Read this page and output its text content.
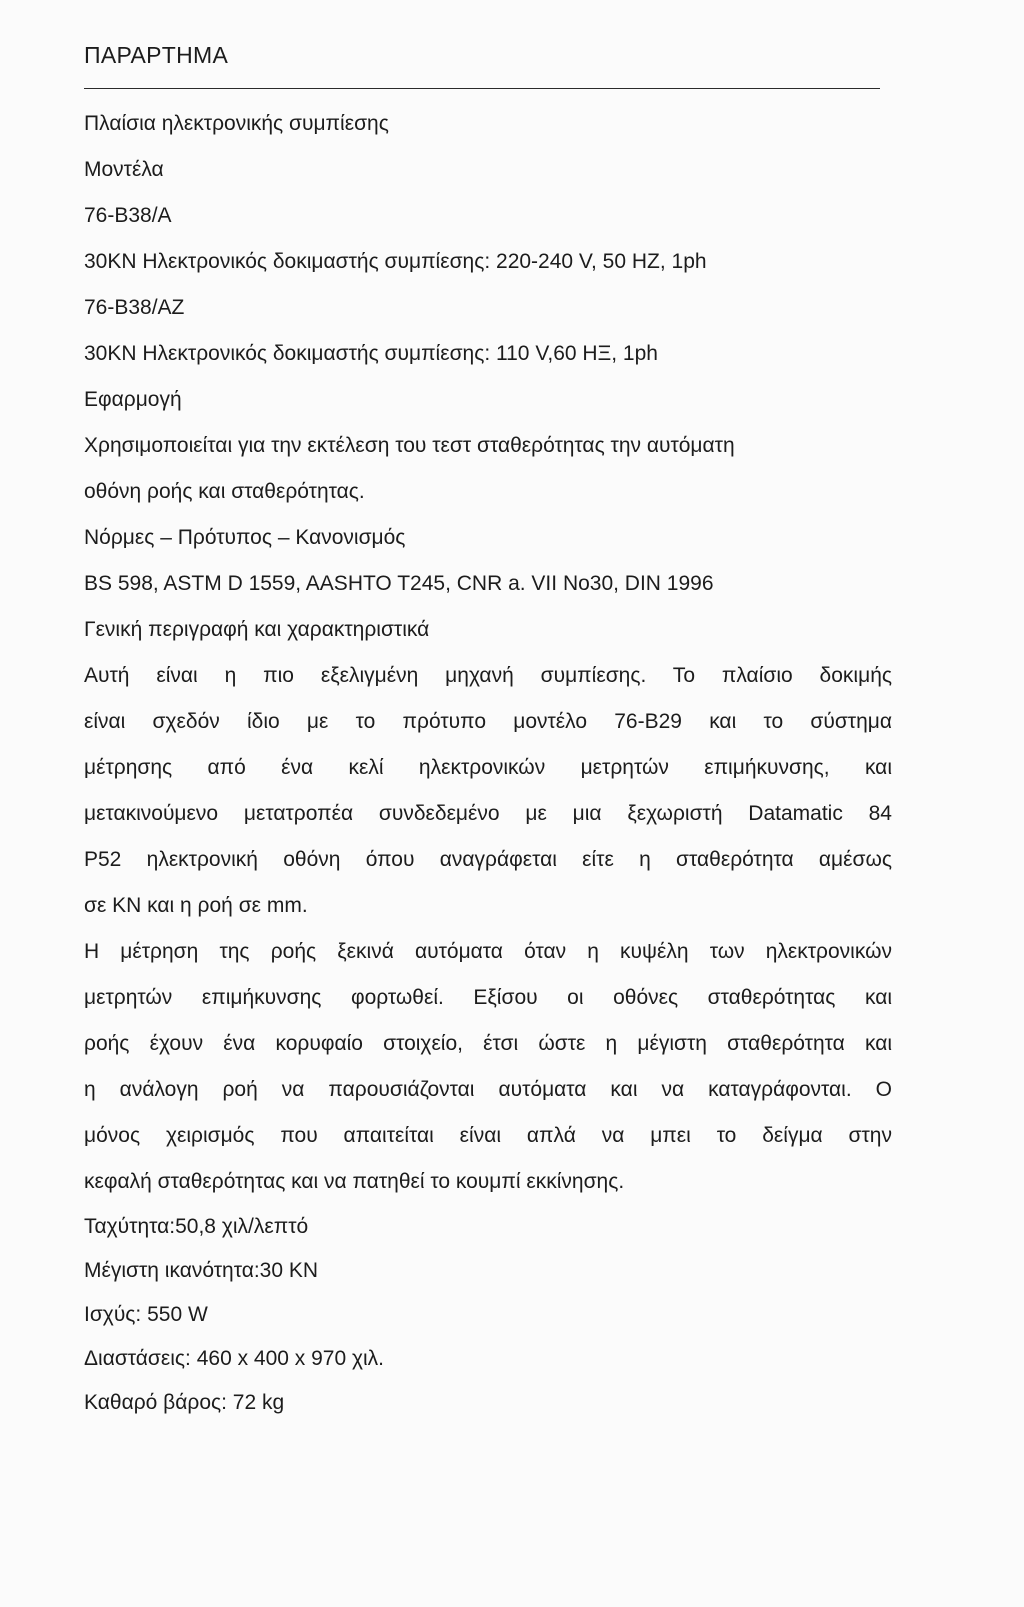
ΠΑΡΑΡΤΗΜΑ

Πλαίσια ηλεκτρονικής συμπίεσης

Μοντέλα

76-B38/A

30KN Ηλεκτρονικός δοκιμαστής συμπίεσης: 220-240 V, 50 HZ, 1ph

76-B38/AZ

30KN Ηλεκτρονικός δοκιμαστής συμπίεσης: 110 V,60 HΞ, 1ph

Εφαρμογή

Χρησιμοποιείται για την εκτέλεση του τεστ σταθερότητας την αυτόματη

οθόνη ροής και σταθερότητας.

Νόρμες – Πρότυπος – Κανονισμός

BS 598, ASTM D 1559, AASHTO T245, CNR a. VII No30, DIN 1996

Γενική περιγραφή και χαρακτηριστικά

Αυτή είναι η πιο εξελιγμένη μηχανή συμπίεσης. Το πλαίσιο δοκιμής
είναι σχεδόν ίδιο με το πρότυπο μοντέλο 76-B29 και το σύστημα
μέτρησης από ένα κελί ηλεκτρονικών μετρητών επιμήκυνσης, και
μετακινούμενο μετατροπέα συνδεδεμένο με μια ξεχωριστή Datamatic 84
P52 ηλεκτρονική οθόνη όπου αναγράφεται είτε η σταθερότητα αμέσως
σε KN και η ροή σε mm.
Η μέτρηση της ροής ξεκινά αυτόματα όταν η κυψέλη των ηλεκτρονικών
μετρητών επιμήκυνσης φορτωθεί. Εξίσου οι οθόνες σταθερότητας και
ροής έχουν ένα κορυφαίο στοιχείο, έτσι ώστε η μέγιστη σταθερότητα και
η ανάλογη ροή να παρουσιάζονται αυτόματα και να καταγράφονται. Ο
μόνος χειρισμός που απαιτείται είναι απλά να μπει το δείγμα στην
κεφαλή σταθερότητας και να πατηθεί το κουμπί εκκίνησης.

Ταχύτητα:50,8 χιλ/λεπτό

Μέγιστη ικανότητα:30 KN

Ισχύς: 550 W

Διαστάσεις: 460 x 400 x 970 χιλ.

Καθαρό βάρος: 72 kg
